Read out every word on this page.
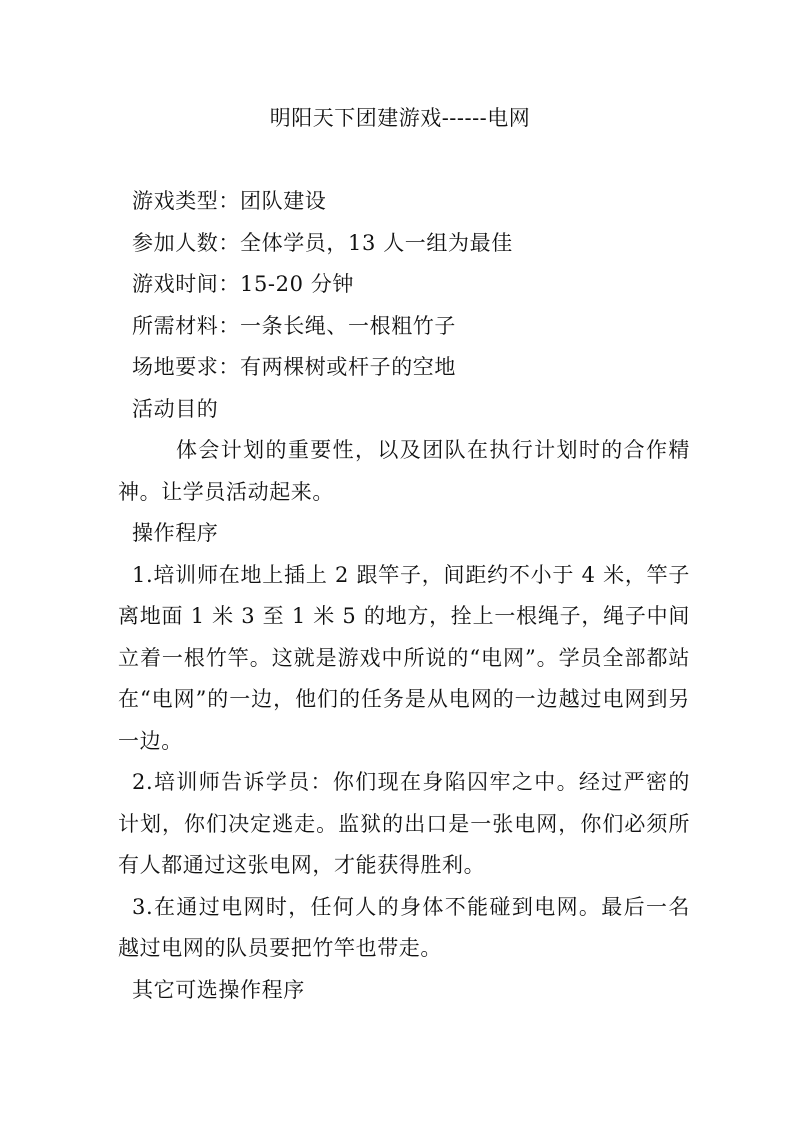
明阳天下团建游戏------电网

游戏类型：团队建设

参加人数：全体学员，13 人一组为最佳

游戏时间：15-20 分钟

所需材料：一条长绳、一根粗竹子

场地要求：有两棵树或杆子的空地

活动目的

体会计划的重要性，以及团队在执行计划时的合作精神。让学员活动起来。

操作程序

1.培训师在地上插上 2 跟竿子，间距约不小于 4 米，竿子离地面 1 米 3 至 1 米 5 的地方，拴上一根绳子，绳子中间立着一根竹竿。这就是游戏中所说的“电网”。学员全部都站在“电网”的一边，他们的任务是从电网的一边越过电网到另一边。

2.培训师告诉学员：你们现在身陷囚牢之中。经过严密的计划，你们决定逃走。监狱的出口是一张电网，你们必须所有人都通过这张电网，才能获得胜利。

3.在通过电网时，任何人的身体不能碰到电网。最后一名越过电网的队员要把竹竿也带走。

其它可选操作程序
